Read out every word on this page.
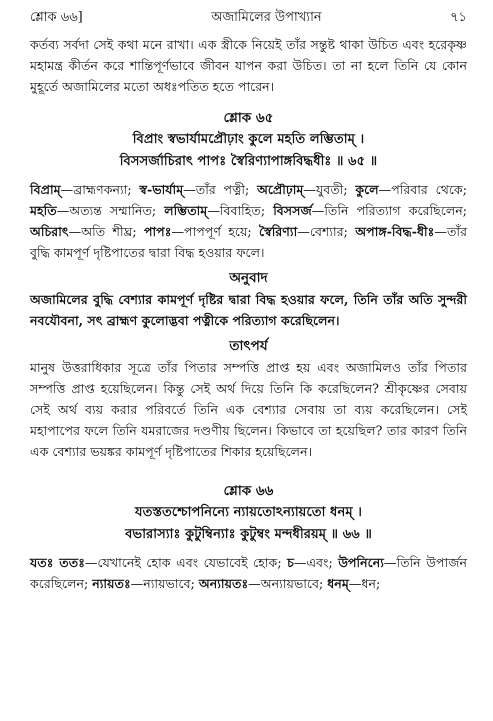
শ্লোক ৬৬]	অজামিলের উপাখ্যান	৭১

কর্তব্য সর্বদা সেই কথা মনে রাখা। এক স্ত্রীকে নিয়েই তাঁর সন্তুষ্ট থাকা উচিত এবং হরেকৃষ্ণ মহামন্ত্র কীর্তন করে শান্তিপূর্ণভাবে জীবন যাপন করা উচিত। তা না হলে তিনি যে কোন মুহূর্তে অজামিলের মতো অধঃপতিত হতে পারেন।

শ্লোক ৬৫
বিপ্রাং স্বভার্যামপ্রৌঢ়াং কুলে মহতি লম্ভিতাম্ ।
বিসসর্জাচিরাৎ পাপঃ স্বৈরিণ্যাপাঙ্গবিদ্ধধীঃ ॥ ৬৫ ॥

বিপ্রাম্—ব্রাহ্মণকন্যা; স্ব-ভার্যাম্—তাঁর পত্নী; অপ্রৌঢ়াম্—যুবতী; কুলে—পরিবার থেকে; মহতি—অত্যন্ত সম্মানিত; লম্ভিতাম্—বিবাহিত; বিসসর্জ—তিনি পরিত্যাগ করেছিলেন; অচিরাৎ—অতি শীঘ্র; পাপঃ—পাপপূর্ণ হয়ে; স্বৈরিণ্যা—বেশ্যার; অপাঙ্গ-বিদ্ধ-ধীঃ—তাঁর বুদ্ধি কামপূর্ণ দৃষ্টিপাতের দ্বারা বিদ্ধ হওয়ার ফলে।

অনুবাদ

অজামিলের বুদ্ধি বেশ্যার কামপূর্ণ দৃষ্টির দ্বারা বিদ্ধ হওয়ার ফলে, তিনি তাঁর অতি সুন্দরী নবযৌবনা, সৎ ব্রাহ্মণ কুলোদ্ভবা পত্নীকে পরিত্যাগ করেছিলেন।

তাৎপর্য

মানুষ উত্তরাধিকার সূত্রে তাঁর পিতার সম্পত্তি প্রাপ্ত হয় এবং অজামিলও তাঁর পিতার সম্পত্তি প্রাপ্ত হয়েছিলেন। কিন্তু সেই অর্থ দিয়ে তিনি কি করেছিলেন? শ্রীকৃষ্ণের সেবায় সেই অর্থ ব্যয় করার পরিবর্তে তিনি এক বেশ্যার সেবায় তা ব্যয় করেছিলেন। সেই মহাপাপের ফলে তিনি যমরাজের দণ্ডণীয় ছিলেন। কিভাবে তা হয়েছিল? তার কারণ তিনি এক বেশ্যার ভয়ঙ্কর কামপূর্ণ দৃষ্টিপাতের শিকার হয়েছিলেন।

শ্লোক ৬৬
যতস্ততশ্চোপনিন্যে ন্যায়তোঽন্যায়তো ধনম্ ।
বভারাস্যাঃ কুটুম্বিন্যাঃ কুটুম্বং মন্দধীরয়ম্ ॥ ৬৬ ॥

যতঃ ততঃ—যেখানেই হোক এবং যেভাবেই হোক; চ—এবং; উপনিন্যে—তিনি উপার্জন করেছিলেন; ন্যায়তঃ—ন্যায়ভাবে; অন্যায়তঃ—অন্যায়ভাবে; ধনম্—ধন;
